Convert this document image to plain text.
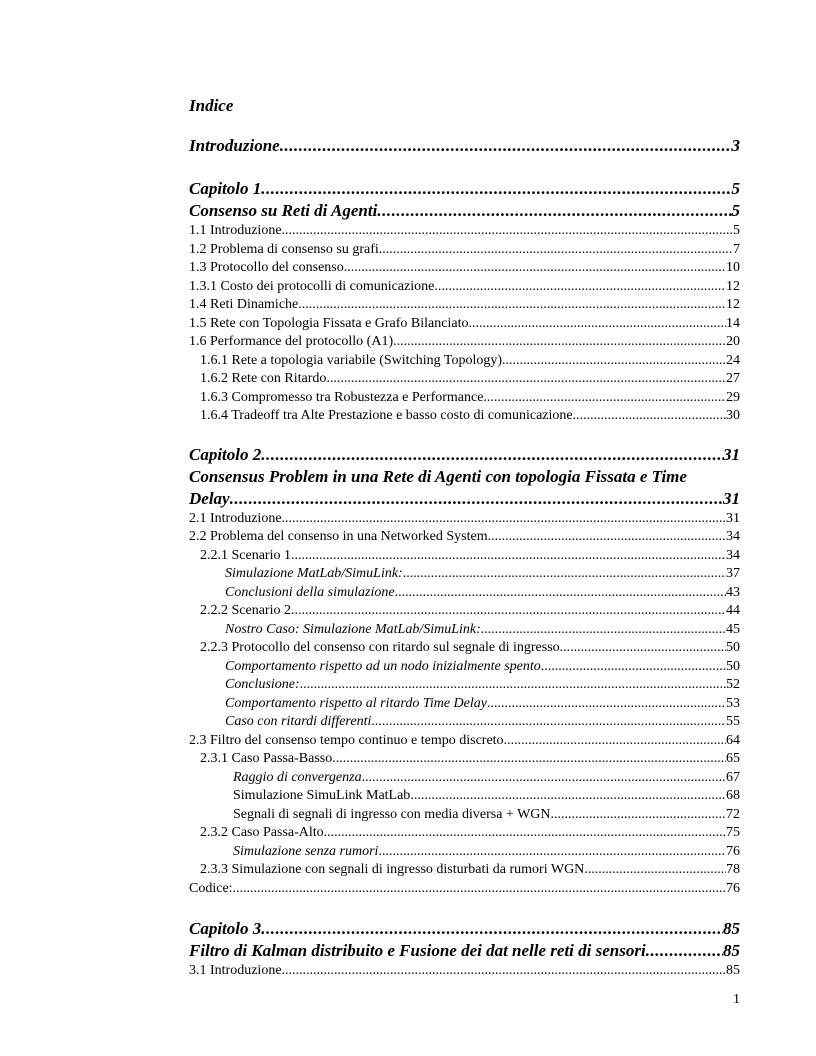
Indice
Introduzione .....	3
Capitolo 1 .....	5
Consenso su Reti di Agenti .....	5
1.1 Introduzione .....	5
1.2 Problema di consenso su grafi .....	7
1.3 Protocollo del consenso .....	10
1.3.1 Costo dei protocolli di comunicazione .....	12
1.4 Reti Dinamiche .....	12
1.5 Rete con Topologia Fissata e Grafo Bilanciato. .....	14
1.6 Performance del protocollo (A1) .....	20
1.6.1 Rete a topologia variabile (Switching Topology) .....	24
1.6.2 Rete con Ritardo .....	27
1.6.3 Compromesso tra Robustezza e Performance .....	29
1.6.4 Tradeoff tra Alte Prestazione e basso costo di comunicazione .....	30
Capitolo 2 .....	31
Consensus Problem in una Rete di Agenti con topologia Fissata e Time
Delay .....	31
2.1 Introduzione .....	31
2.2 Problema del consenso in una Networked System .....	34
2.2.1 Scenario 1 .....	34
Simulazione MatLab/SimuLink: .....	37
Conclusioni della simulazione .....	43
2.2.2 Scenario 2 .....	44
Nostro Caso: Simulazione MatLab/SimuLink: .....	45
2.2.3 Protocollo del consenso con ritardo sul segnale di ingresso .....	50
Comportamento rispetto ad un nodo inizialmente spento .....	50
Conclusione: .....	52
Comportamento rispetto al ritardo Time Delay .....	53
Caso con ritardi differenti .....	55
2.3 Filtro del consenso tempo continuo e tempo discreto .....	64
2.3.1 Caso Passa-Basso .....	65
Raggio di convergenza .....	67
Simulazione SimuLink MatLab .....	68
Segnali di segnali di ingresso con media diversa + WGN .....	72
2.3.2 Caso Passa-Alto .....	75
Simulazione senza rumori .....	76
2.3.3 Simulazione con segnali di ingresso disturbati da rumori WGN .....	78
Codice: .....	76
Capitolo 3 .....	85
Filtro di Kalman distribuito e Fusione dei dat nelle reti di sensori .....	85
3.1 Introduzione .....	85
1
